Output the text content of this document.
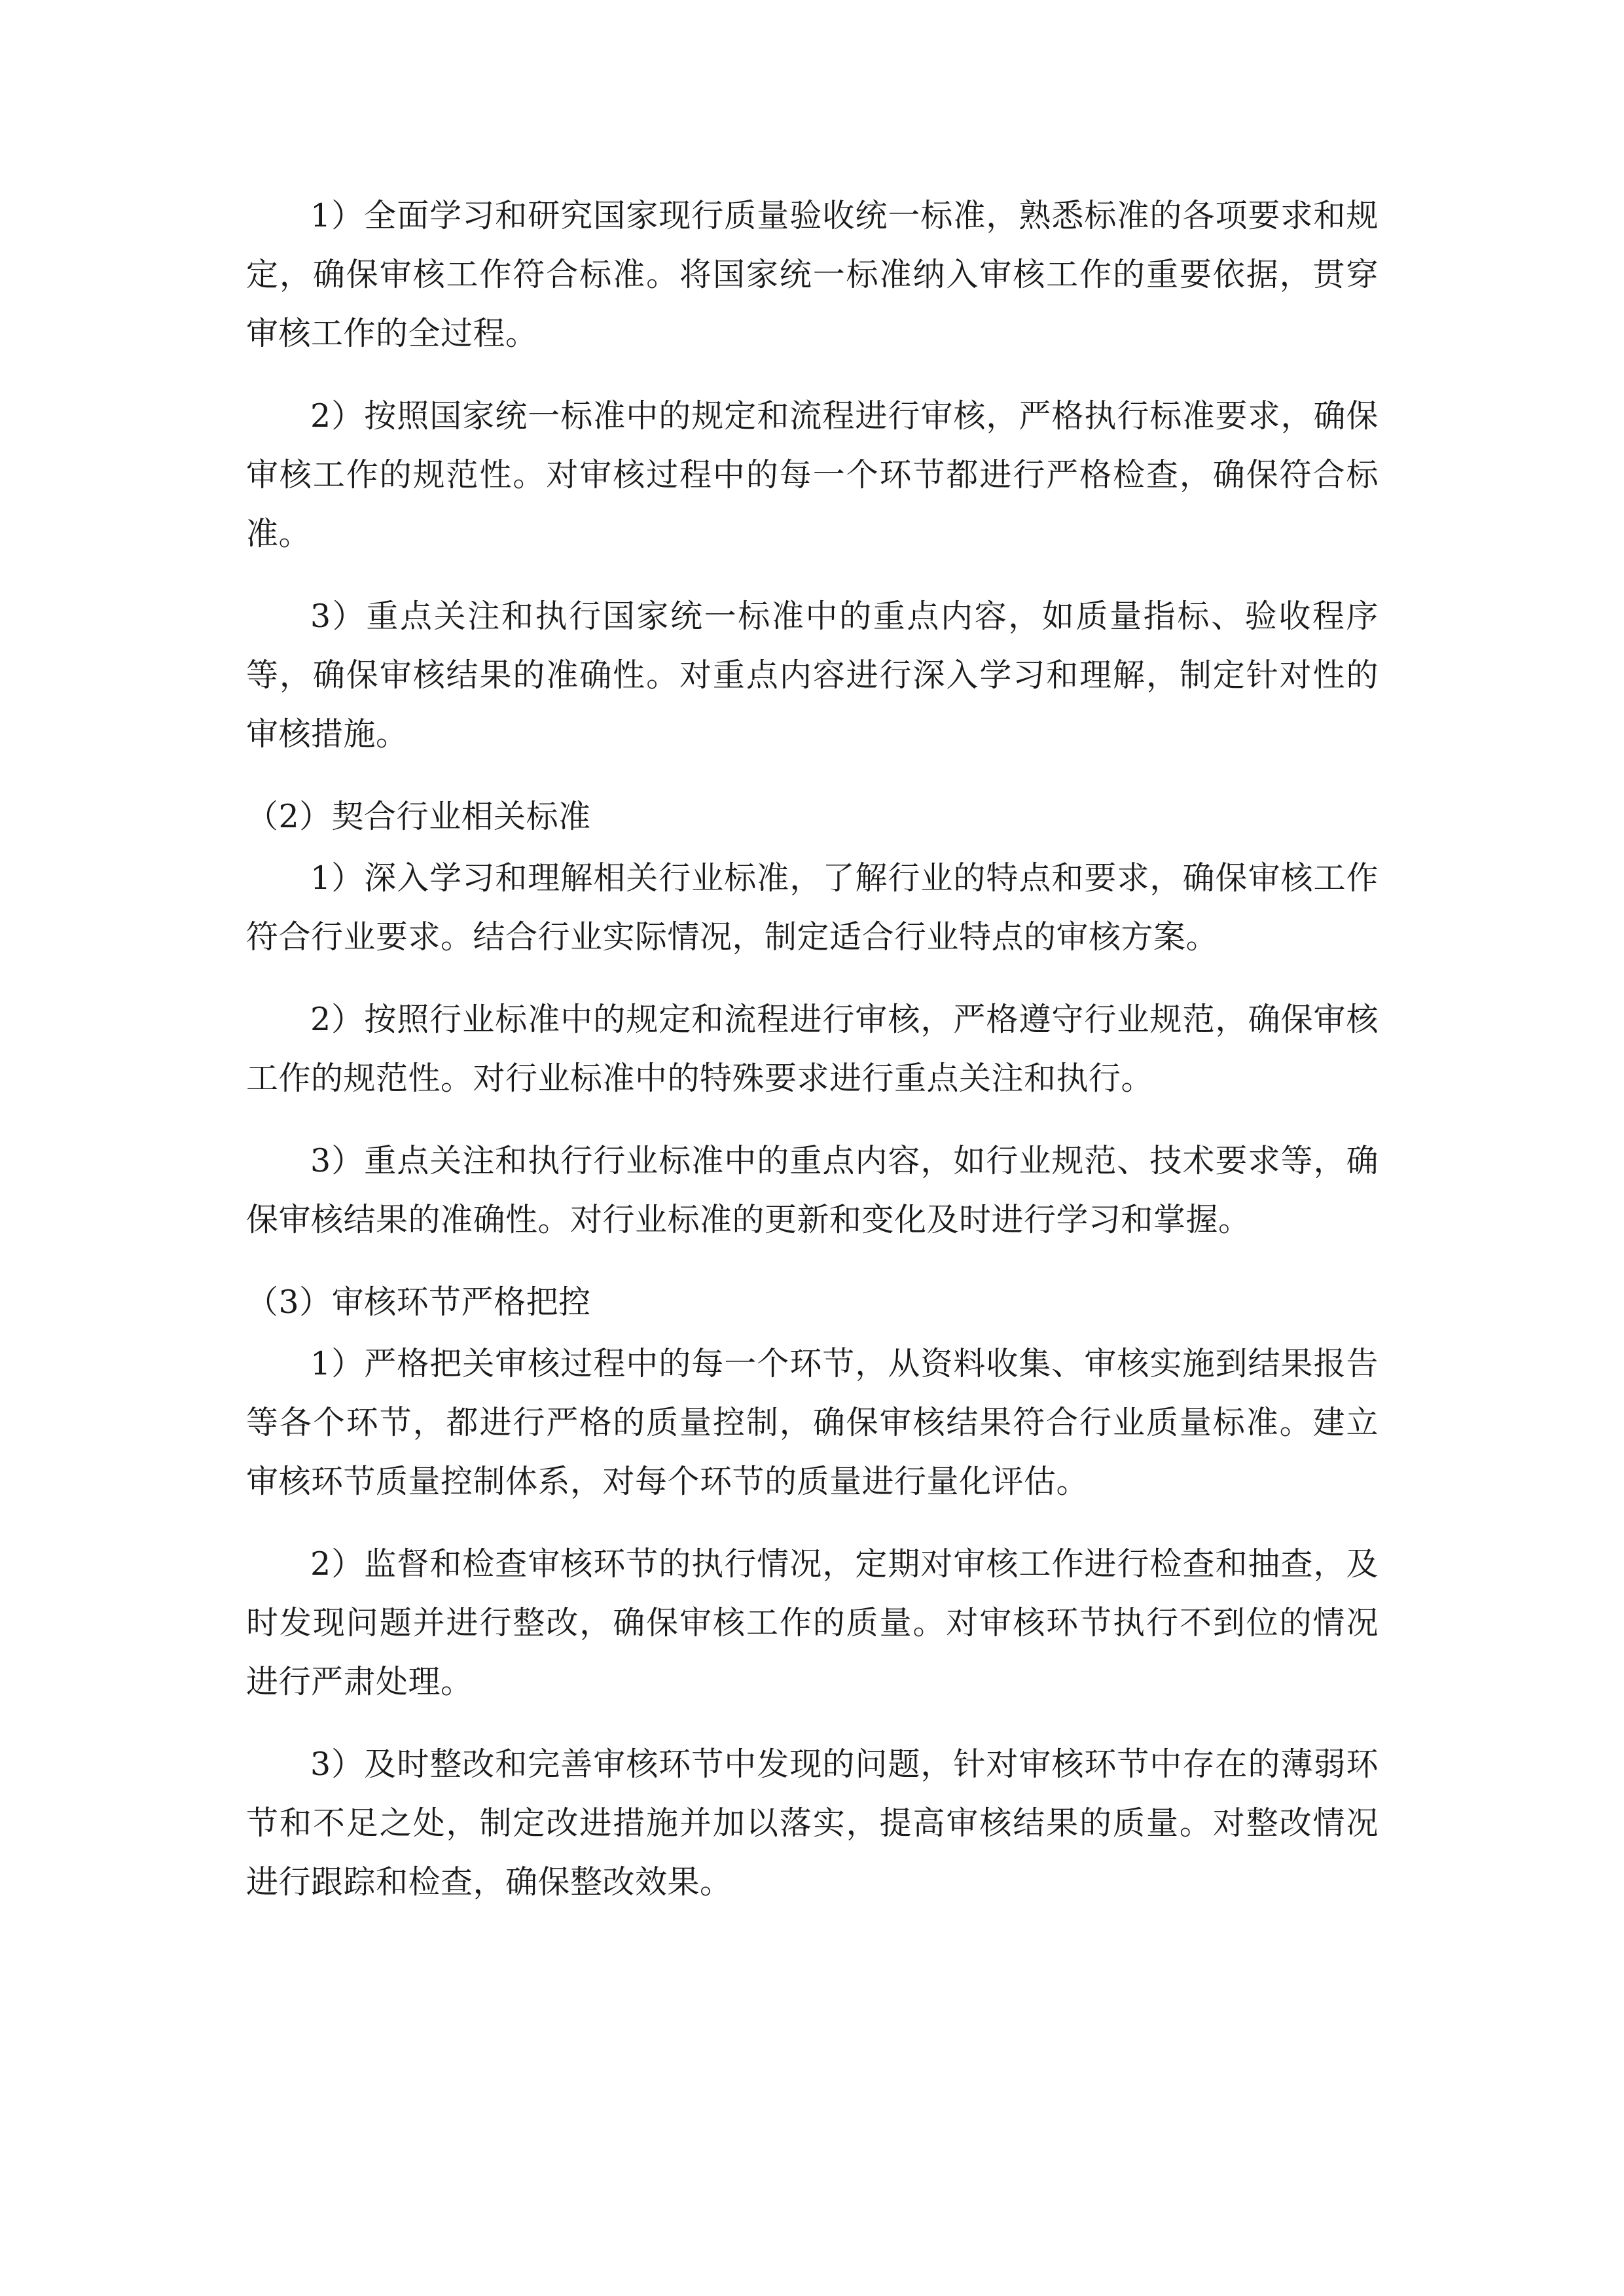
1）全面学习和研究国家现行质量验收统一标准，熟悉标准的各项要求和规定，确保审核工作符合标准。将国家统一标准纳入审核工作的重要依据，贯穿审核工作的全过程。

2）按照国家统一标准中的规定和流程进行审核，严格执行标准要求，确保审核工作的规范性。对审核过程中的每一个环节都进行严格检查，确保符合标准。

3）重点关注和执行国家统一标准中的重点内容，如质量指标、验收程序等，确保审核结果的准确性。对重点内容进行深入学习和理解，制定针对性的审核措施。

（2）契合行业相关标准

1）深入学习和理解相关行业标准，了解行业的特点和要求，确保审核工作符合行业要求。结合行业实际情况，制定适合行业特点的审核方案。

2）按照行业标准中的规定和流程进行审核，严格遵守行业规范，确保审核工作的规范性。对行业标准中的特殊要求进行重点关注和执行。

3）重点关注和执行行业标准中的重点内容，如行业规范、技术要求等，确保审核结果的准确性。对行业标准的更新和变化及时进行学习和掌握。

（3）审核环节严格把控

1）严格把关审核过程中的每一个环节，从资料收集、审核实施到结果报告等各个环节，都进行严格的质量控制，确保审核结果符合行业质量标准。建立审核环节质量控制体系，对每个环节的质量进行量化评估。

2）监督和检查审核环节的执行情况，定期对审核工作进行检查和抽查，及时发现问题并进行整改，确保审核工作的质量。对审核环节执行不到位的情况进行严肃处理。

3）及时整改和完善审核环节中发现的问题，针对审核环节中存在的薄弱环节和不足之处，制定改进措施并加以落实，提高审核结果的质量。对整改情况进行跟踪和检查，确保整改效果。
